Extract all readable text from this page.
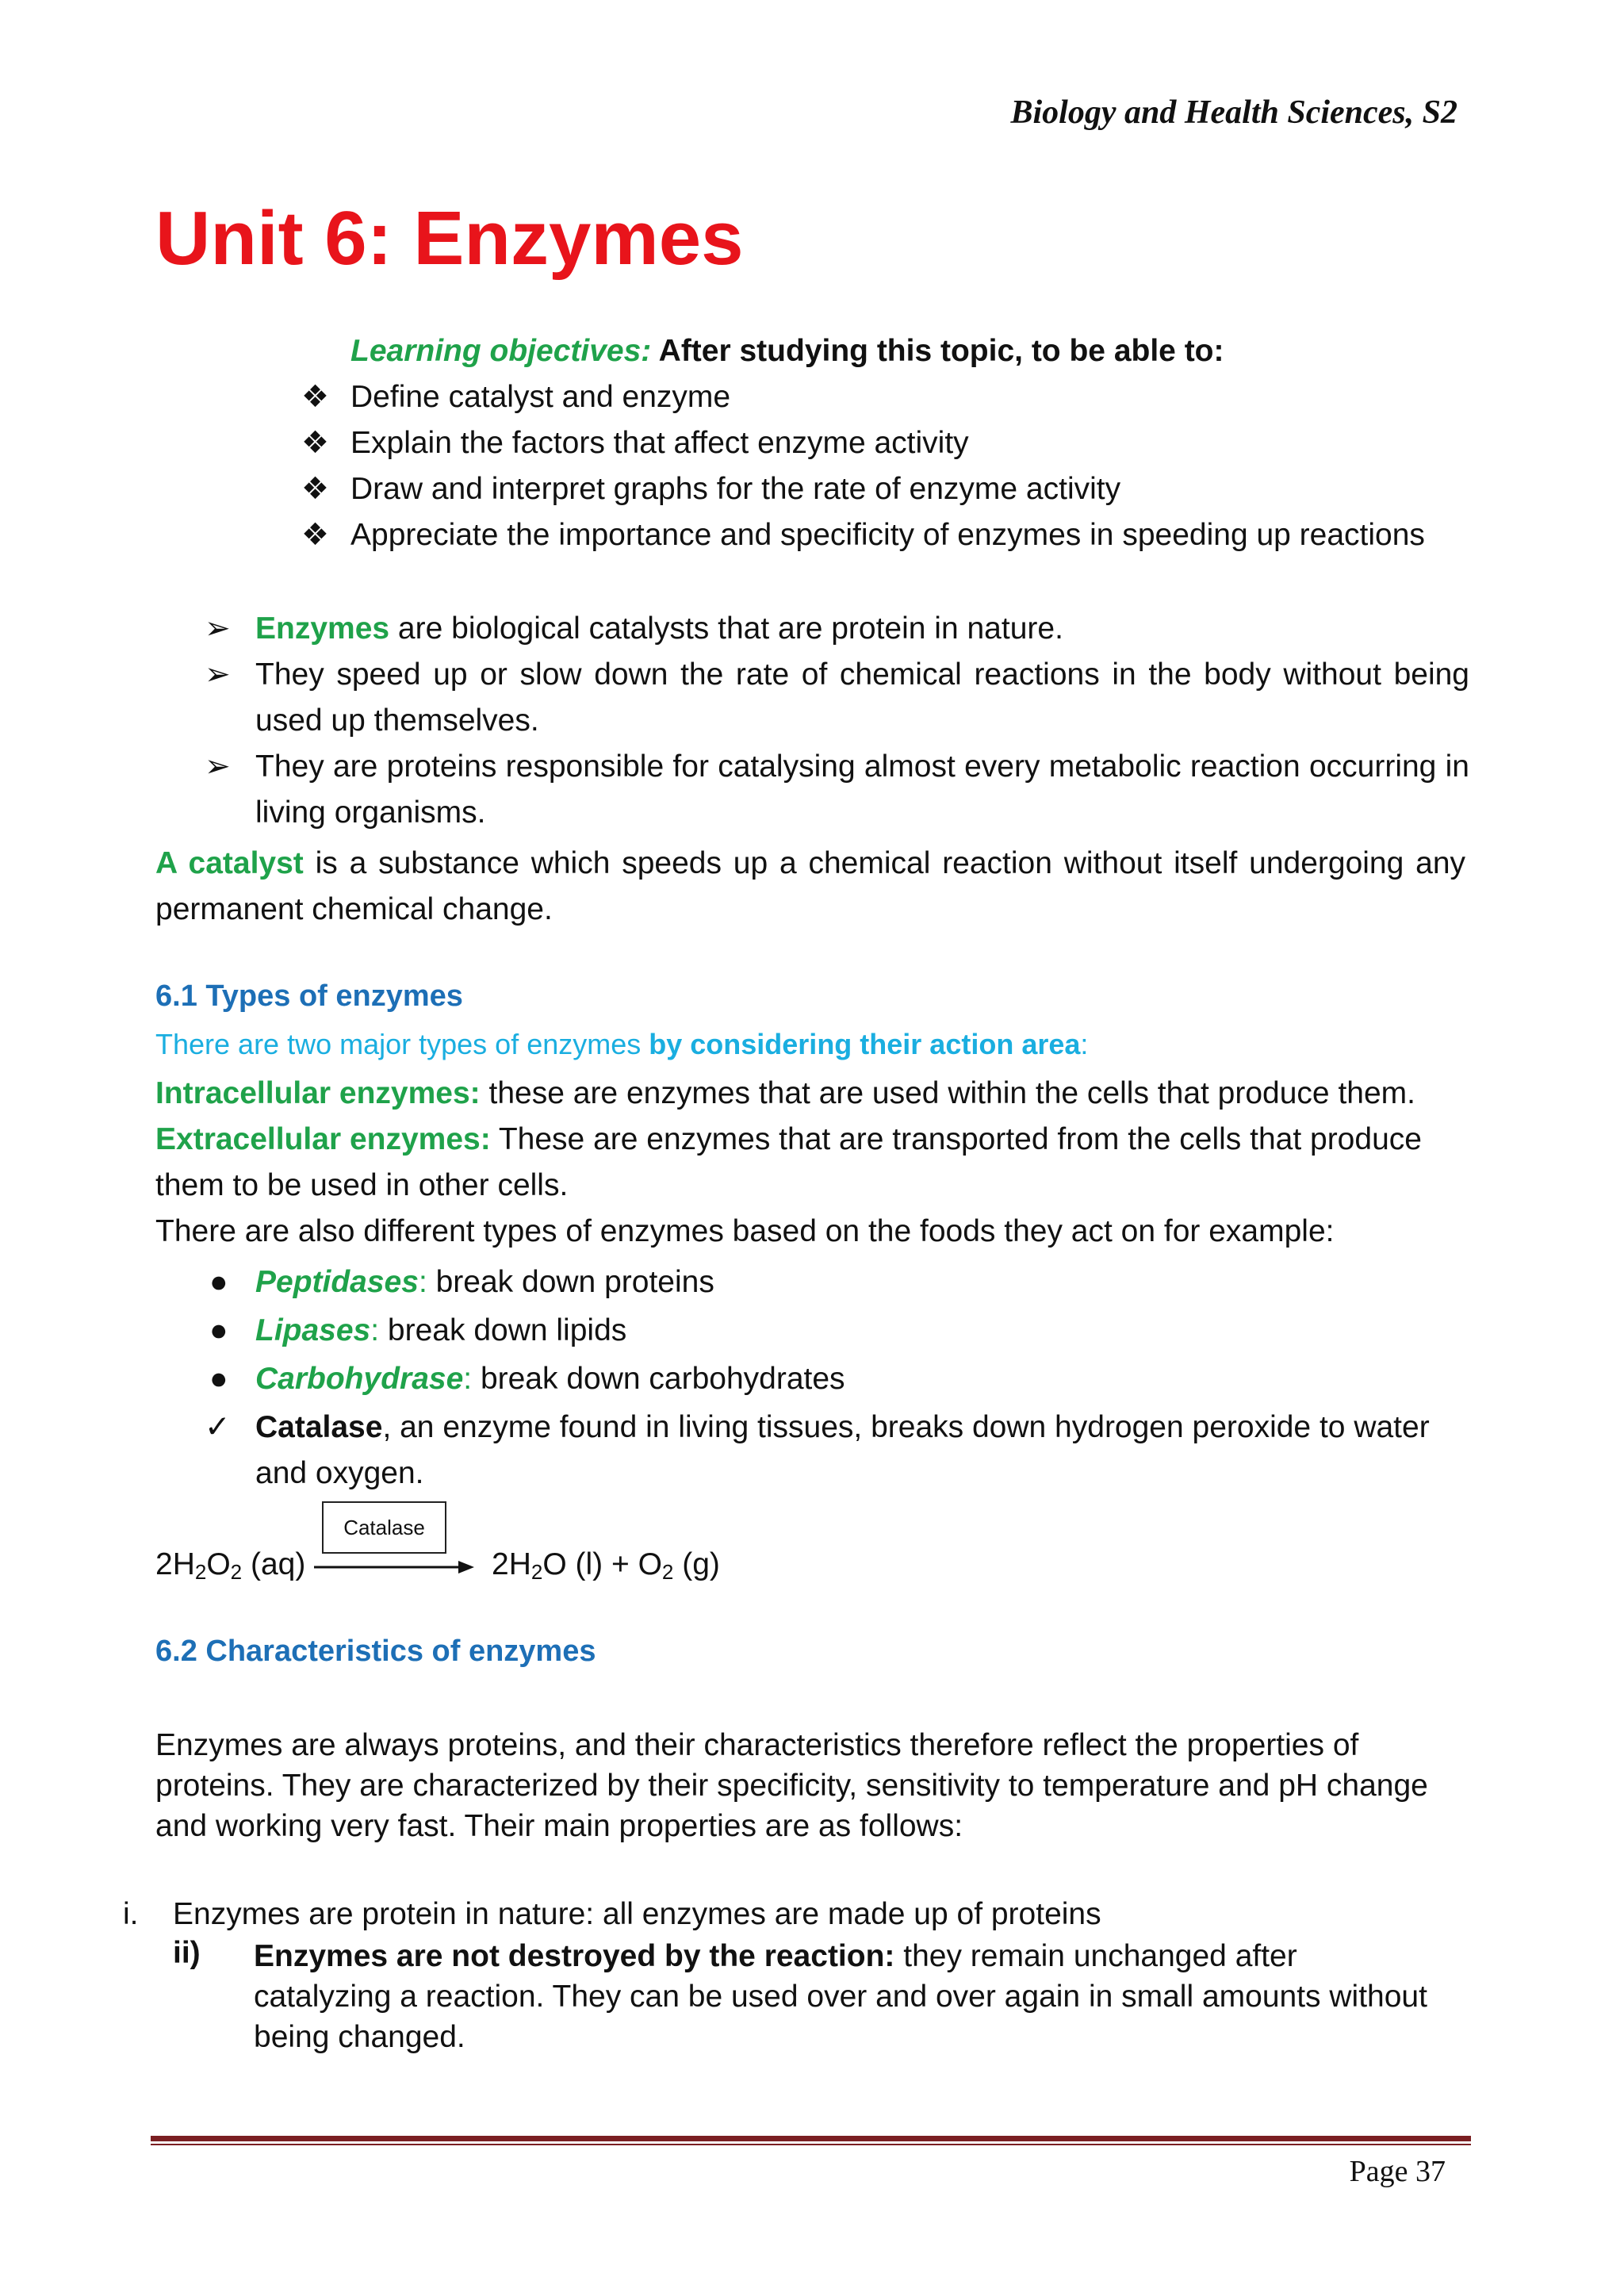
Biology and Health Sciences, S2
Unit 6: Enzymes
Learning objectives: After studying this topic, to be able to:
❖ Define catalyst and enzyme
❖ Explain the factors that affect enzyme activity
❖ Draw and interpret graphs for the rate of enzyme activity
❖ Appreciate the importance and specificity of enzymes in speeding up reactions
➢ Enzymes are biological catalysts that are protein in nature.
➢ They speed up or slow down the rate of chemical reactions in the body without being used up themselves.
➢ They are proteins responsible for catalysing almost every metabolic reaction occurring in living organisms.
A catalyst is a substance which speeds up a chemical reaction without itself undergoing any permanent chemical change.
6.1 Types of enzymes
There are two major types of enzymes by considering their action area:
Intracellular enzymes: these are enzymes that are used within the cells that produce them.
Extracellular enzymes: These are enzymes that are transported from the cells that produce them to be used in other cells.
There are also different types of enzymes based on the foods they act on for example:
● Peptidases: break down proteins
● Lipases: break down lipids
● Carbohydrase: break down carbohydrates
✓ Catalase, an enzyme found in living tissues, breaks down hydrogen peroxide to water and oxygen.
Catalase
$2H_2O_2$ (aq)	$2H_2O$ $(l) + O_2$ (g)
6.2 Characteristics of enzymes
Enzymes are always proteins, and their characteristics therefore reflect the properties of proteins. They are characterized by their specificity, sensitivity to temperature and pH change and working very fast. Their main properties are as follows:
i. Enzymes are protein in nature: all enzymes are made up of proteins
ii) Enzymes are not destroyed by the reaction: they remain unchanged after catalyzing a reaction. They can be used over and over again in small amounts without being changed.
Page 37
